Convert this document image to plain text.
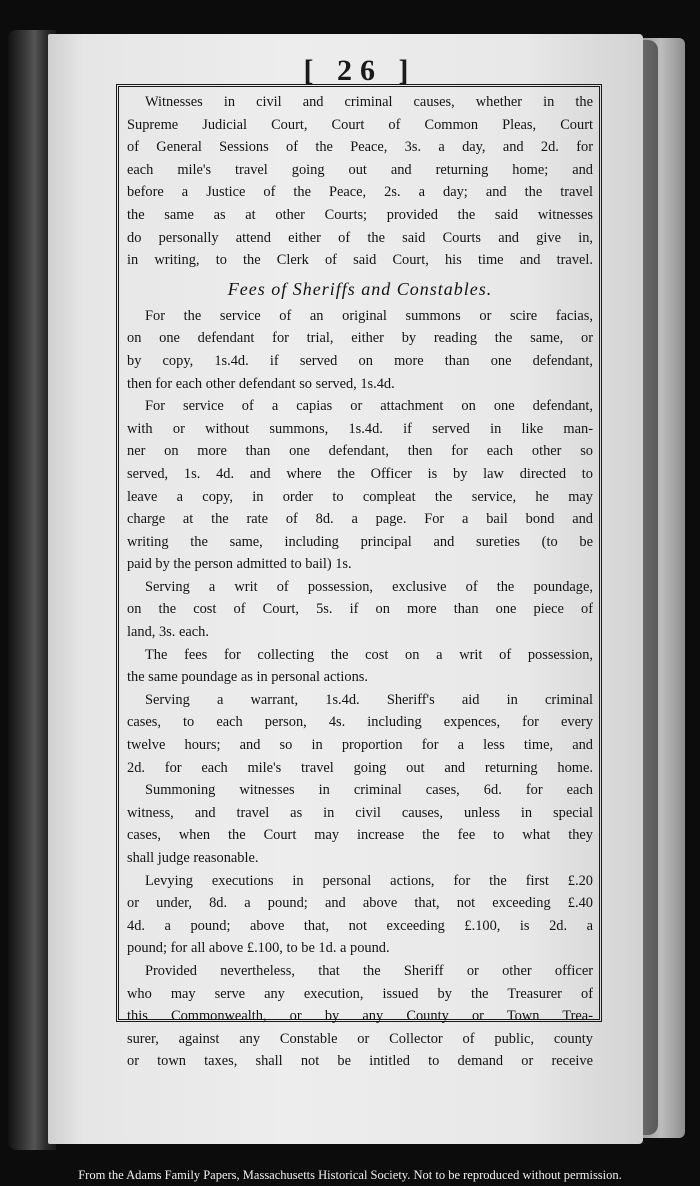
[ 26 ]
Witnesses in civil and criminal causes, whether in the
Supreme Judicial Court, Court of Common Pleas, Court
of General Sessions of the Peace, 3s. a day, and 2d. for
each mile's travel going out and returning home; and
before a Justice of the Peace, 2s. a day; and the travel
the same as at other Courts; provided the said witnesses
do personally attend either of the said Courts and give in,
in writing, to the Clerk of said Court, his time and travel.
Fees of Sheriffs and Constables.
For the service of an original summons or scire facias,
on one defendant for trial, either by reading the same, or
by copy, 1s.4d. if served on more than one defendant,
then for each other defendant so served, 1s.4d.
For service of a capias or attachment on one defendant,
with or without summons, 1s.4d. if served in like man-
ner on more than one defendant, then for each other so
served, 1s. 4d. and where the Officer is by law directed to
leave a copy, in order to compleat the service, he may
charge at the rate of 8d. a page. For a bail bond and
writing the same, including principal and sureties (to be
paid by the person admitted to bail) 1s.
Serving a writ of possession, exclusive of the poundage,
on the cost of Court, 5s. if on more than one piece of
land, 3s. each.
The fees for collecting the cost on a writ of possession,
the same poundage as in personal actions.
Serving a warrant, 1s.4d. Sheriff's aid in criminal
cases, to each person, 4s. including expences, for every
twelve hours; and so in proportion for a less time, and
2d. for each mile's travel going out and returning home.
Summoning witnesses in criminal cases, 6d. for each
witness, and travel as in civil causes, unless in special
cases, when the Court may increase the fee to what they
shall judge reasonable.
Levying executions in personal actions, for the first £.20
or under, 8d. a pound; and above that, not exceeding £.40
4d. a pound; above that, not exceeding £.100, is 2d. a
pound; for all above £.100, to be 1d. a pound.
Provided nevertheless, that the Sheriff or other officer
who may serve any execution, issued by the Treasurer of
this Commonwealth, or by any County or Town Trea-
surer, against any Constable or Collector of public, county
or town taxes, shall not be intitled to demand or receive
From the Adams Family Papers, Massachusetts Historical Society. Not to be reproduced without permission.
